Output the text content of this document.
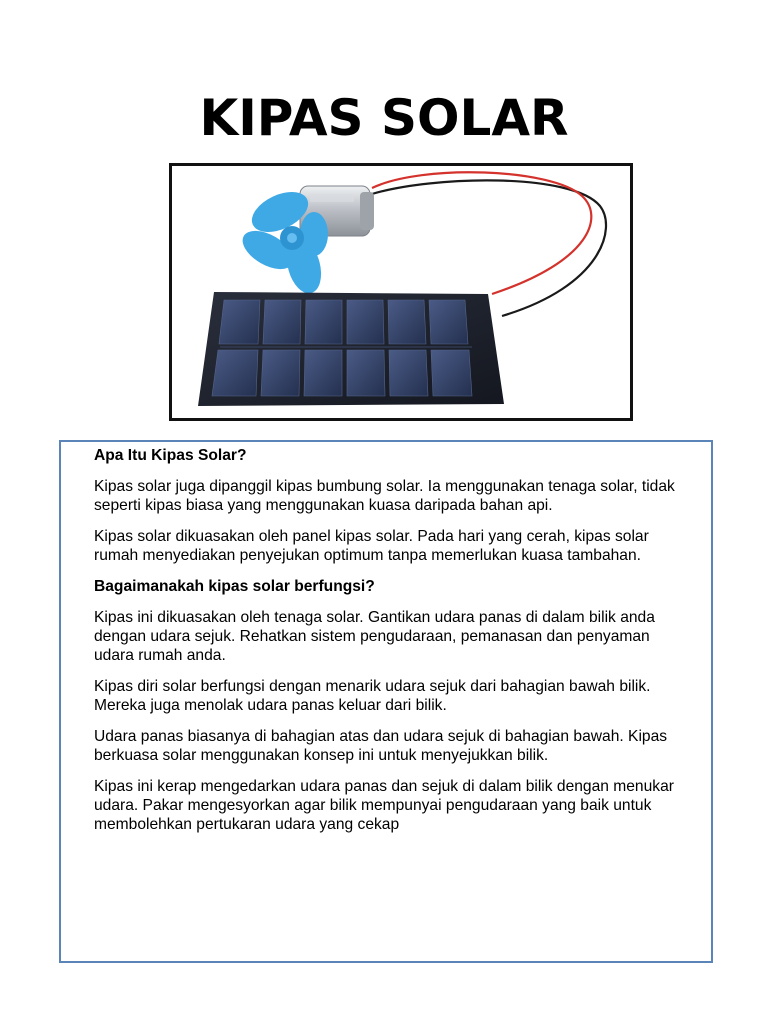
KIPAS SOLAR

Apa Itu Kipas Solar?

Kipas solar juga dipanggil kipas bumbung solar. Ia menggunakan tenaga solar, tidak seperti kipas biasa yang menggunakan kuasa daripada bahan api.

Kipas solar dikuasakan oleh panel kipas solar. Pada hari yang cerah, kipas solar rumah menyediakan penyejukan optimum tanpa memerlukan kuasa tambahan.

Bagaimanakah kipas solar berfungsi?

Kipas ini dikuasakan oleh tenaga solar. Gantikan udara panas di dalam bilik anda dengan udara sejuk. Rehatkan sistem pengudaraan, pemanasan dan penyaman udara rumah anda.

Kipas diri solar berfungsi dengan menarik udara sejuk dari bahagian bawah bilik. Mereka juga menolak udara panas keluar dari bilik.

Udara panas biasanya di bahagian atas dan udara sejuk di bahagian bawah. Kipas berkuasa solar menggunakan konsep ini untuk menyejukkan bilik.

Kipas ini kerap mengedarkan udara panas dan sejuk di dalam bilik dengan menukar udara. Pakar mengesyorkan agar bilik mempunyai pengudaraan yang baik untuk membolehkan pertukaran udara yang cekap
